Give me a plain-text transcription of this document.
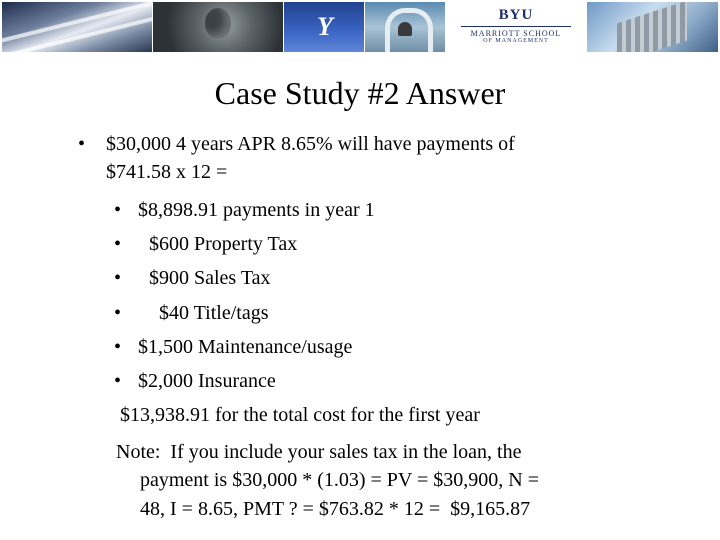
Y	BYU
MARRIOTT SCHOOL
OF MANAGEMENT
Case Study #2 Answer
• $30,000 4 years APR 8.65% will have payments of
$741.58 x 12 =
• $8,898.91 payments in year 1
• $600 Property Tax
• $900 Sales Tax
• $40 Title/tags
• $1,500 Maintenance/usage
• $2,000 Insurance
$13,938.91 for the total cost for the first year
Note:  If you include your sales tax in the loan, the
payment is $30,000 * (1.03) = PV = $30,900, N =
48, I = 8.65, PMT ? = $763.82 * 12 =  $9,165.87
